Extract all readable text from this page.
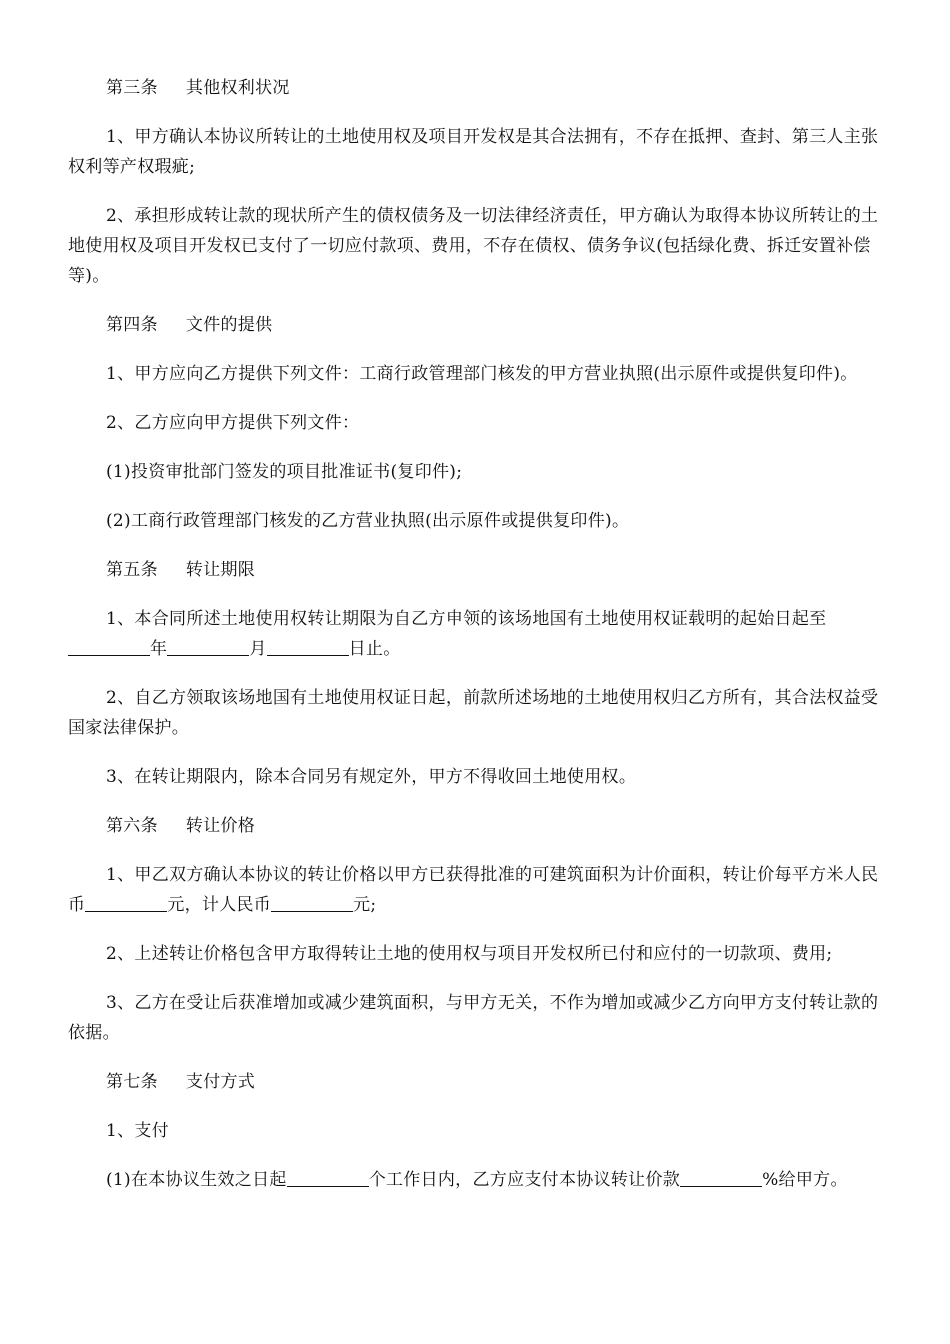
第三条 其他权利状况

1、甲方确认本协议所转让的土地使用权及项目开发权是其合法拥有，不存在抵押、查封、第三人主张权利等产权瑕疵;

2、承担形成转让款的现状所产生的债权债务及一切法律经济责任，甲方确认为取得本协议所转让的土地使用权及项目开发权已支付了一切应付款项、费用，不存在债权、债务争议(包括绿化费、拆迁安置补偿等)。

第四条 文件的提供

1、甲方应向乙方提供下列文件：工商行政管理部门核发的甲方营业执照(出示原件或提供复印件)。

2、乙方应向甲方提供下列文件：

(1)投资审批部门签发的项目批准证书(复印件);

(2)工商行政管理部门核发的乙方营业执照(出示原件或提供复印件)。

第五条 转让期限

1、本合同所述土地使用权转让期限为自乙方申领的该场地国有土地使用权证载明的起始日起至年	月	日止。

2、自乙方领取该场地国有土地使用权证日起，前款所述场地的土地使用权归乙方所有，其合法权益受国家法律保护。

3、在转让期限内，除本合同另有规定外，甲方不得收回土地使用权。

第六条 转让价格

1、甲乙双方确认本协议的转让价格以甲方已获得批准的可建筑面积为计价面积，转让价每平方米人民币	元，计人民币	元;

2、上述转让价格包含甲方取得转让土地的使用权与项目开发权所已付和应付的一切款项、费用;

3、乙方在受让后获准增加或减少建筑面积，与甲方无关，不作为增加或减少乙方向甲方支付转让款的依据。

第七条 支付方式

1、支付

(1)在本协议生效之日起	个工作日内，乙方应支付本协议转让价款	%给甲方。
